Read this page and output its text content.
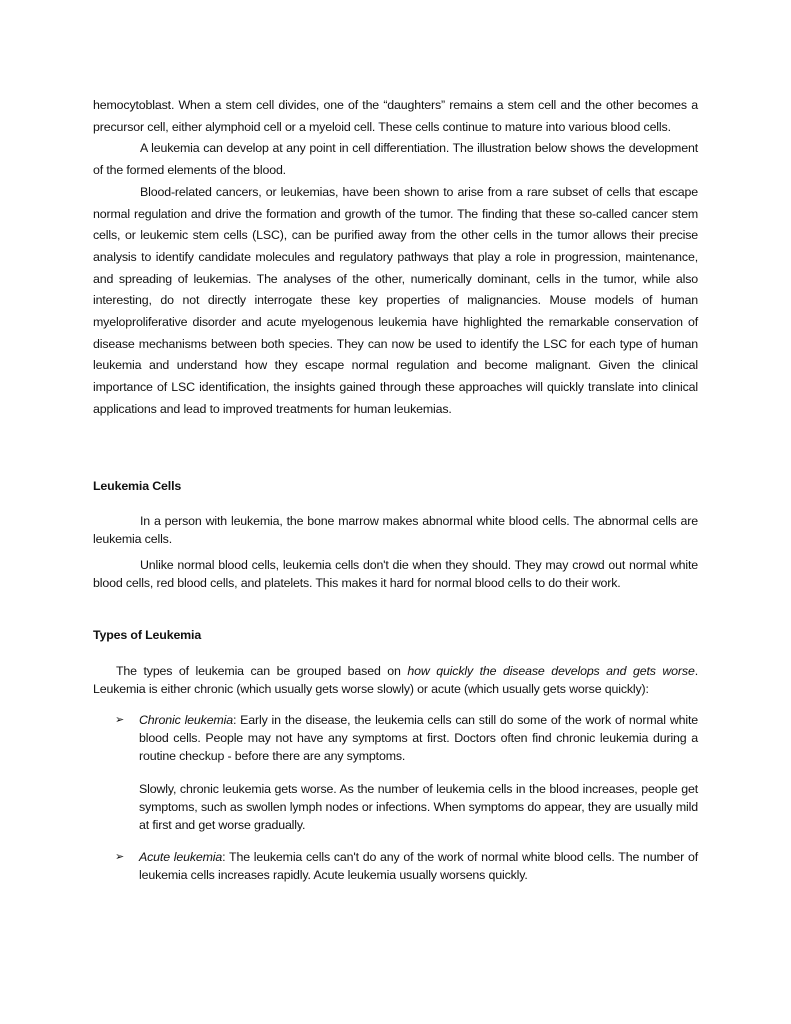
hemocytoblast. When a stem cell divides, one of the “daughters” remains a stem cell and the other becomes a precursor cell, either alymphoid cell or a myeloid cell. These cells continue to mature into various blood cells.

A leukemia can develop at any point in cell differentiation. The illustration below shows the development of the formed elements of the blood.

Blood-related cancers, or leukemias, have been shown to arise from a rare subset of cells that escape normal regulation and drive the formation and growth of the tumor. The finding that these so-called cancer stem cells, or leukemic stem cells (LSC), can be purified away from the other cells in the tumor allows their precise analysis to identify candidate molecules and regulatory pathways that play a role in progression, maintenance, and spreading of leukemias. The analyses of the other, numerically dominant, cells in the tumor, while also interesting, do not directly interrogate these key properties of malignancies. Mouse models of human myeloproliferative disorder and acute myelogenous leukemia have highlighted the remarkable conservation of disease mechanisms between both species. They can now be used to identify the LSC for each type of human leukemia and understand how they escape normal regulation and become malignant. Given the clinical importance of LSC identification, the insights gained through these approaches will quickly translate into clinical applications and lead to improved treatments for human leukemias.

Leukemia Cells

In a person with leukemia, the bone marrow makes abnormal white blood cells. The abnormal cells are leukemia cells.

Unlike normal blood cells, leukemia cells don't die when they should. They may crowd out normal white blood cells, red blood cells, and platelets. This makes it hard for normal blood cells to do their work.

Types of Leukemia

The types of leukemia can be grouped based on how quickly the disease develops and gets worse. Leukemia is either chronic (which usually gets worse slowly) or acute (which usually gets worse quickly):

➢ Chronic leukemia: Early in the disease, the leukemia cells can still do some of the work of normal white blood cells. People may not have any symptoms at first. Doctors often find chronic leukemia during a routine checkup - before there are any symptoms.
Slowly, chronic leukemia gets worse. As the number of leukemia cells in the blood increases, people get symptoms, such as swollen lymph nodes or infections. When symptoms do appear, they are usually mild at first and get worse gradually.
➢ Acute leukemia: The leukemia cells can't do any of the work of normal white blood cells. The number of leukemia cells increases rapidly. Acute leukemia usually worsens quickly.
